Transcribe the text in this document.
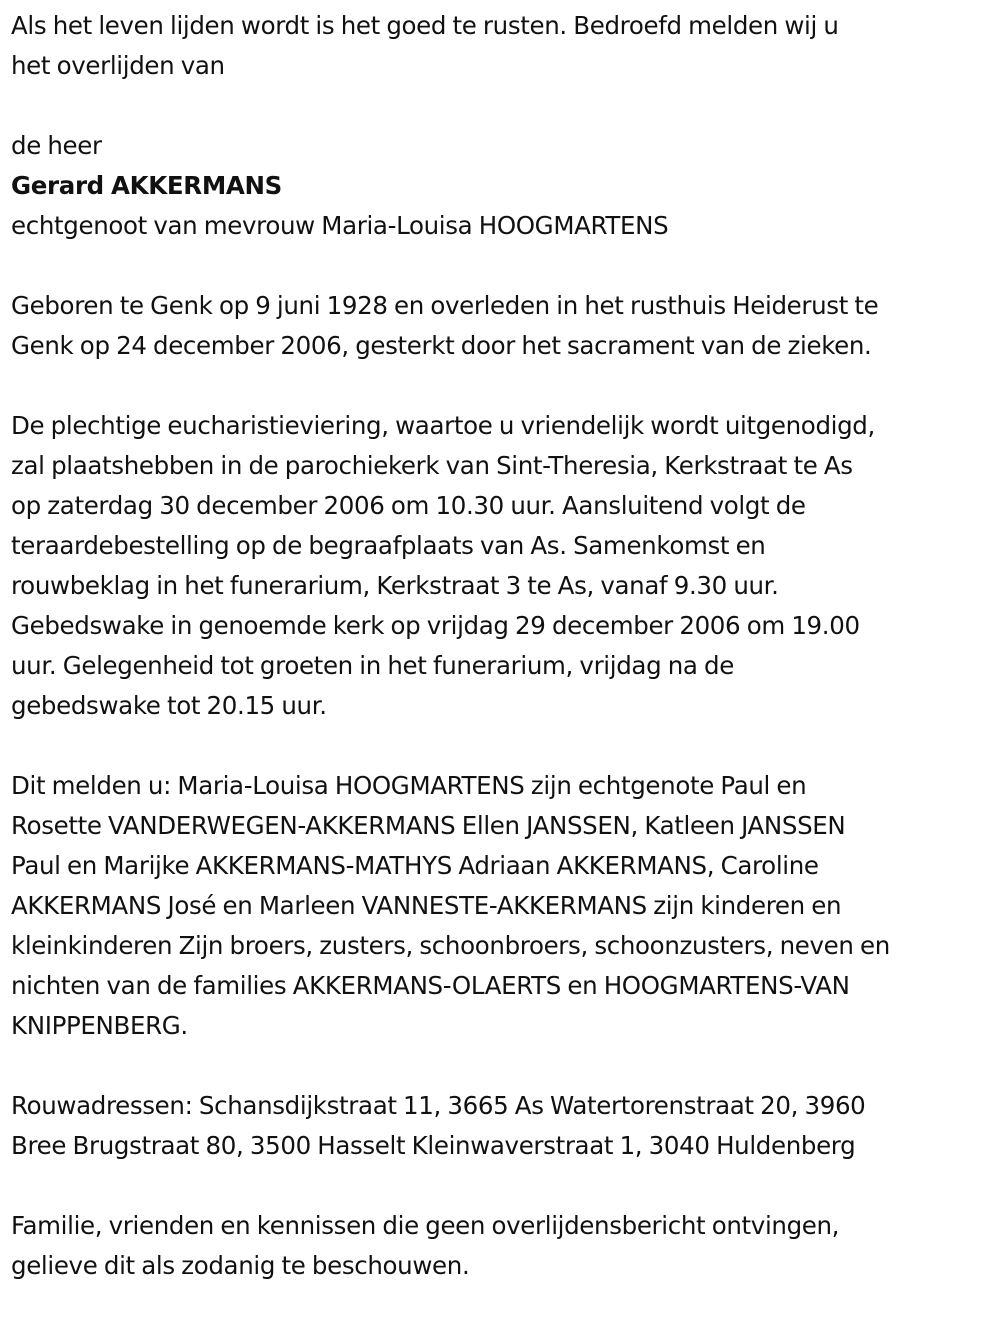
Als het leven lijden wordt is het goed te rusten. Bedroefd melden wij u
het overlijden van
de heer
Gerard AKKERMANS
echtgenoot van mevrouw Maria-Louisa HOOGMARTENS
Geboren te Genk op 9 juni 1928 en overleden in het rusthuis Heiderust te
Genk op 24 december 2006, gesterkt door het sacrament van de zieken.
De plechtige eucharistieviering, waartoe u vriendelijk wordt uitgenodigd,
zal plaatshebben in de parochiekerk van Sint-Theresia, Kerkstraat te As
op zaterdag 30 december 2006 om 10.30 uur. Aansluitend volgt de
teraardebestelling op de begraafplaats van As. Samenkomst en
rouwbeklag in het funerarium, Kerkstraat 3 te As, vanaf 9.30 uur.
Gebedswake in genoemde kerk op vrijdag 29 december 2006 om 19.00
uur. Gelegenheid tot groeten in het funerarium, vrijdag na de
gebedswake tot 20.15 uur.
Dit melden u: Maria-Louisa HOOGMARTENS zijn echtgenote Paul en
Rosette VANDERWEGEN-AKKERMANS Ellen JANSSEN, Katleen JANSSEN
Paul en Marijke AKKERMANS-MATHYS Adriaan AKKERMANS, Caroline
AKKERMANS José en Marleen VANNESTE-AKKERMANS zijn kinderen en
kleinkinderen Zijn broers, zusters, schoonbroers, schoonzusters, neven en
nichten van de families AKKERMANS-OLAERTS en HOOGMARTENS-VAN
KNIPPENBERG.
Rouwadressen: Schansdijkstraat 11, 3665 As Watertorenstraat 20, 3960
Bree Brugstraat 80, 3500 Hasselt Kleinwaverstraat 1, 3040 Huldenberg
Familie, vrienden en kennissen die geen overlijdensbericht ontvingen,
gelieve dit als zodanig te beschouwen.
